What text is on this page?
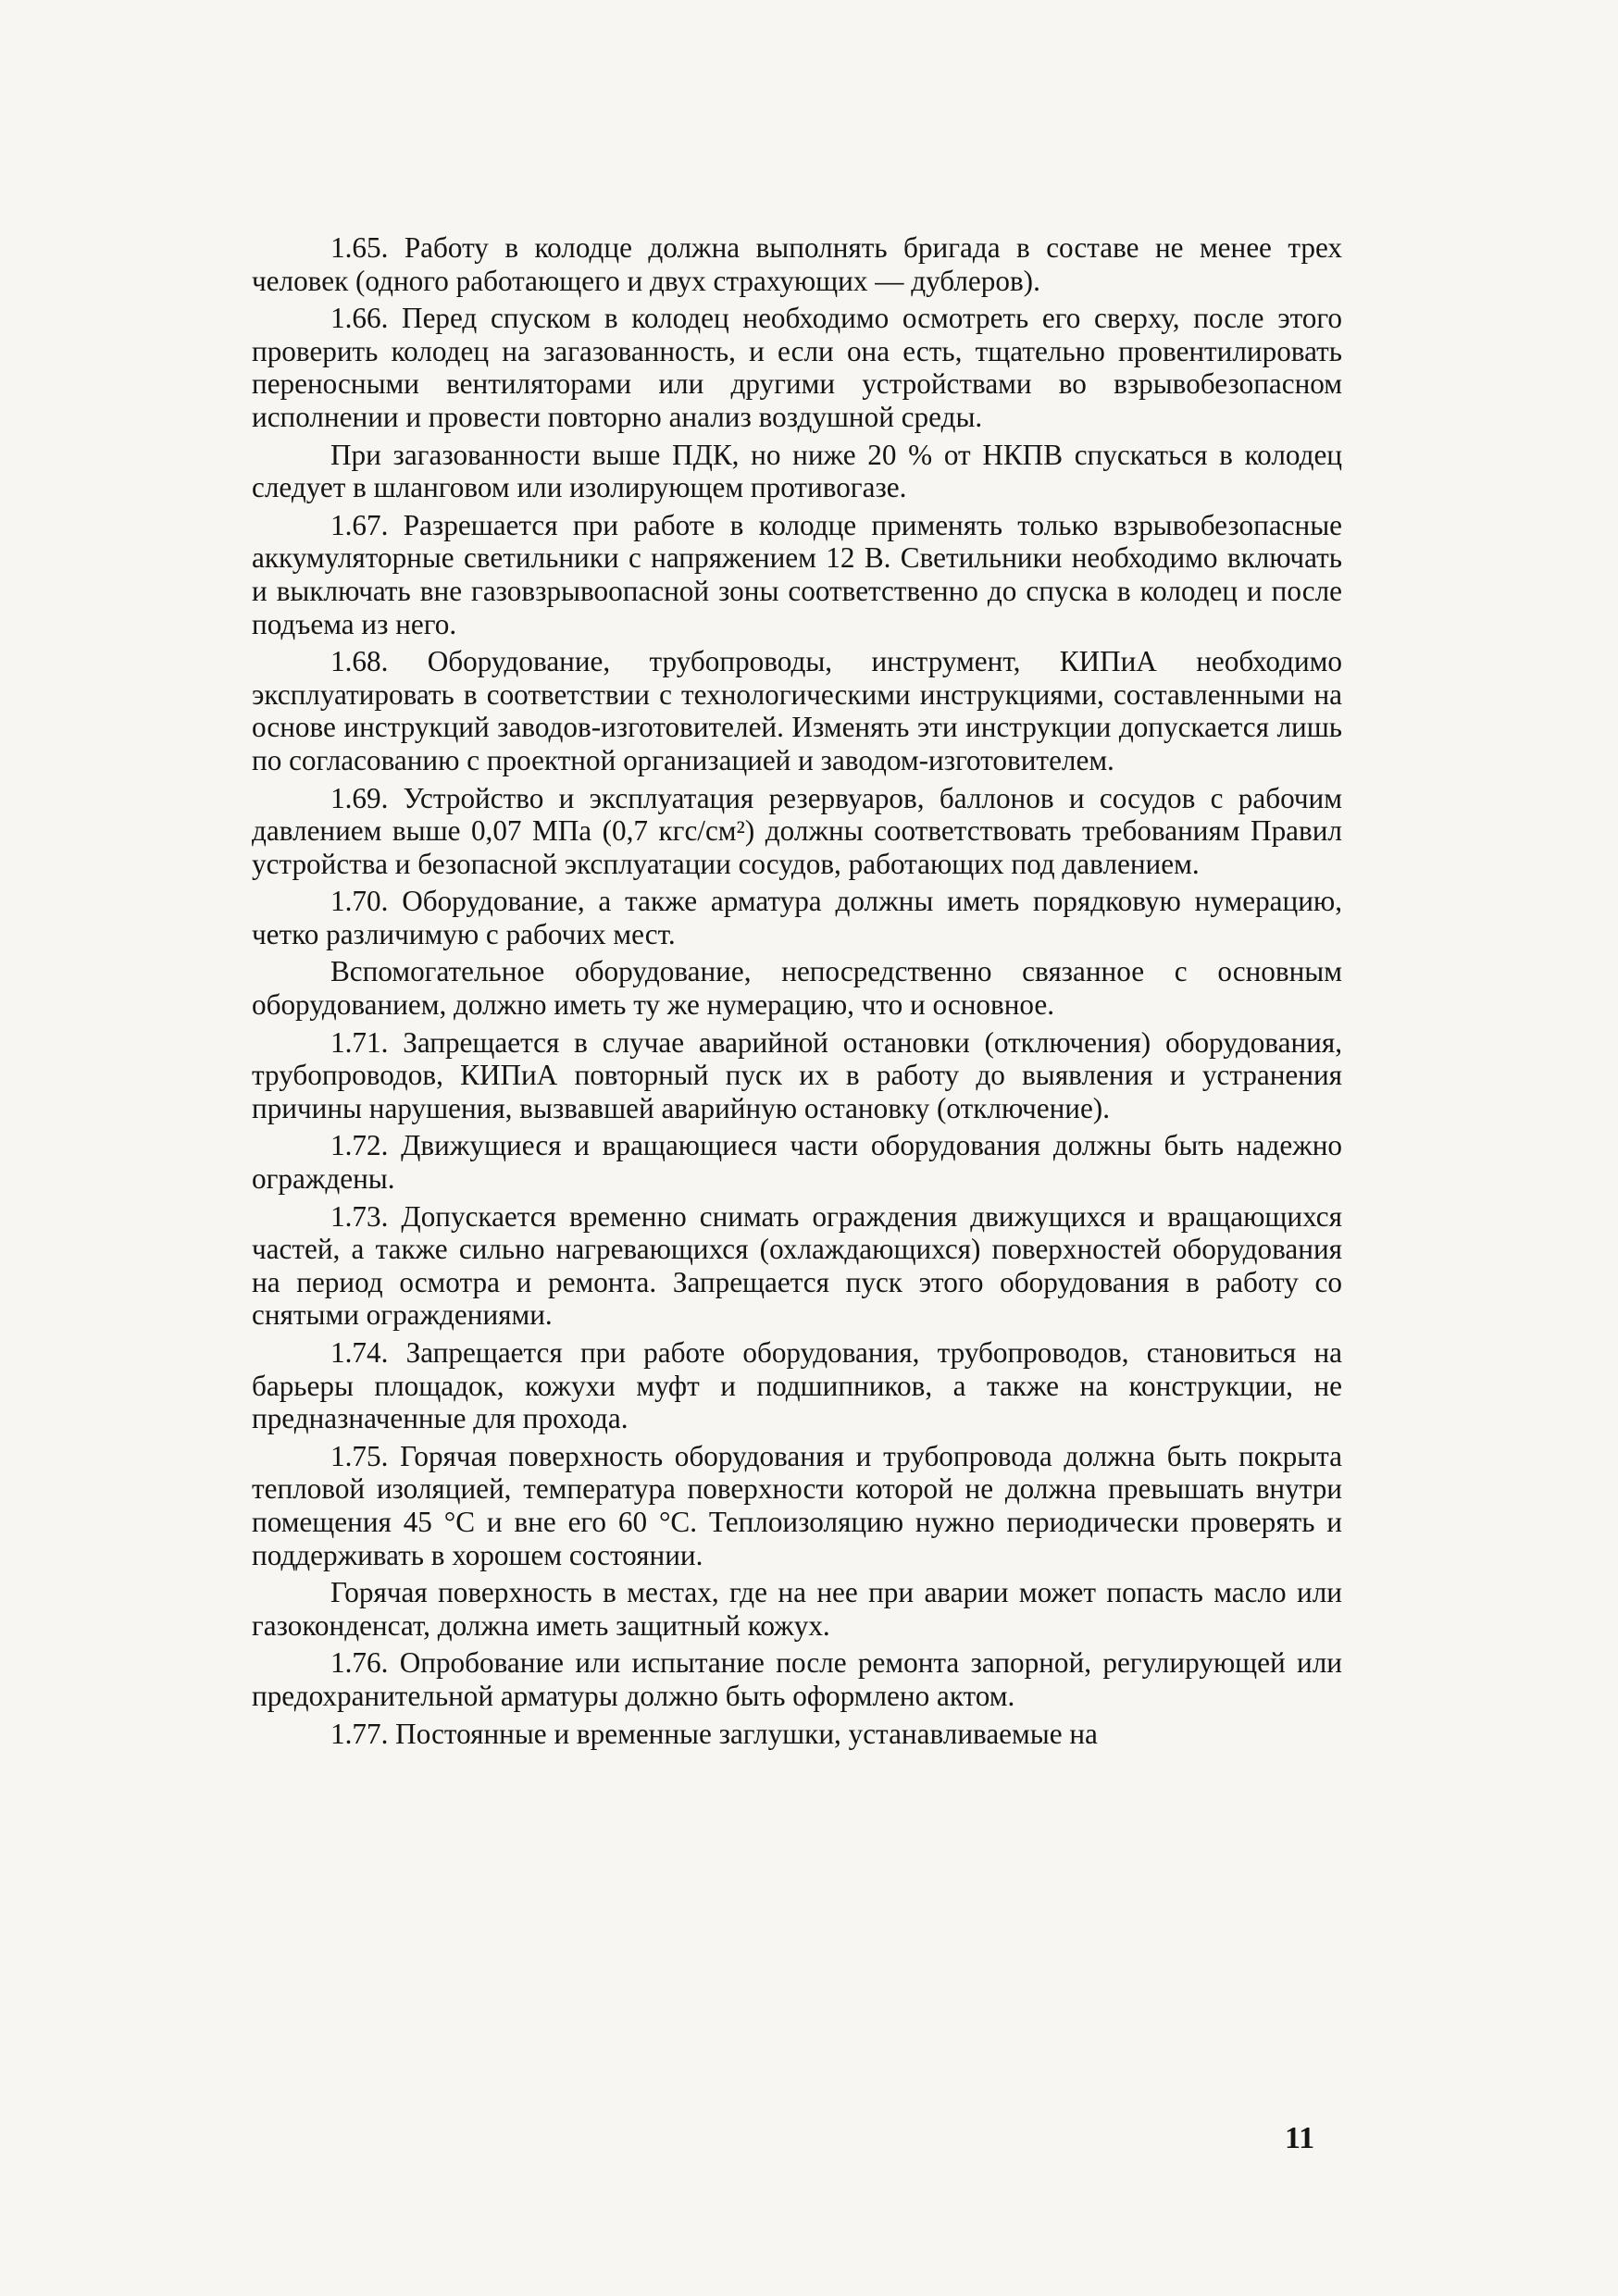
1.65. Работу в колодце должна выполнять бригада в составе не менее трех человек (одного работающего и двух страхующих — дублеров).

1.66. Перед спуском в колодец необходимо осмотреть его сверху, после этого проверить колодец на загазованность, и если она есть, тщательно провентилировать переносными вентиляторами или другими устройствами во взрывобезопасном исполнении и провести повторно анализ воздушной среды.

При загазованности выше ПДК, но ниже 20 % от НКПВ спускаться в колодец следует в шланговом или изолирующем противогазе.

1.67. Разрешается при работе в колодце применять только взрывобезопасные аккумуляторные светильники с напряжением 12 В. Светильники необходимо включать и выключать вне газовзрывоопасной зоны соответственно до спуска в колодец и после подъема из него.

1.68. Оборудование, трубопроводы, инструмент, КИПиА необходимо эксплуатировать в соответствии с технологическими инструкциями, составленными на основе инструкций заводов-изготовителей. Изменять эти инструкции допускается лишь по согласованию с проектной организацией и заводом-изготовителем.

1.69. Устройство и эксплуатация резервуаров, баллонов и сосудов с рабочим давлением выше 0,07 МПа (0,7 кгс/см²) должны соответствовать требованиям Правил устройства и безопасной эксплуатации сосудов, работающих под давлением.

1.70. Оборудование, а также арматура должны иметь порядковую нумерацию, четко различимую с рабочих мест.

Вспомогательное оборудование, непосредственно связанное с основным оборудованием, должно иметь ту же нумерацию, что и основное.

1.71. Запрещается в случае аварийной остановки (отключения) оборудования, трубопроводов, КИПиА повторный пуск их в работу до выявления и устранения причины нарушения, вызвавшей аварийную остановку (отключение).

1.72. Движущиеся и вращающиеся части оборудования должны быть надежно ограждены.

1.73. Допускается временно снимать ограждения движущихся и вращающихся частей, а также сильно нагревающихся (охлаждающихся) поверхностей оборудования на период осмотра и ремонта. Запрещается пуск этого оборудования в работу со снятыми ограждениями.

1.74. Запрещается при работе оборудования, трубопроводов, становиться на барьеры площадок, кожухи муфт и подшипников, а также на конструкции, не предназначенные для прохода.

1.75. Горячая поверхность оборудования и трубопровода должна быть покрыта тепловой изоляцией, температура поверхности которой не должна превышать внутри помещения 45 °С и вне его 60 °С. Теплоизоляцию нужно периодически проверять и поддерживать в хорошем состоянии.

Горячая поверхность в местах, где на нее при аварии может попасть масло или газоконденсат, должна иметь защитный кожух.

1.76. Опробование или испытание после ремонта запорной, регулирующей или предохранительной арматуры должно быть оформлено актом.

1.77. Постоянные и временные заглушки, устанавливаемые на

11
